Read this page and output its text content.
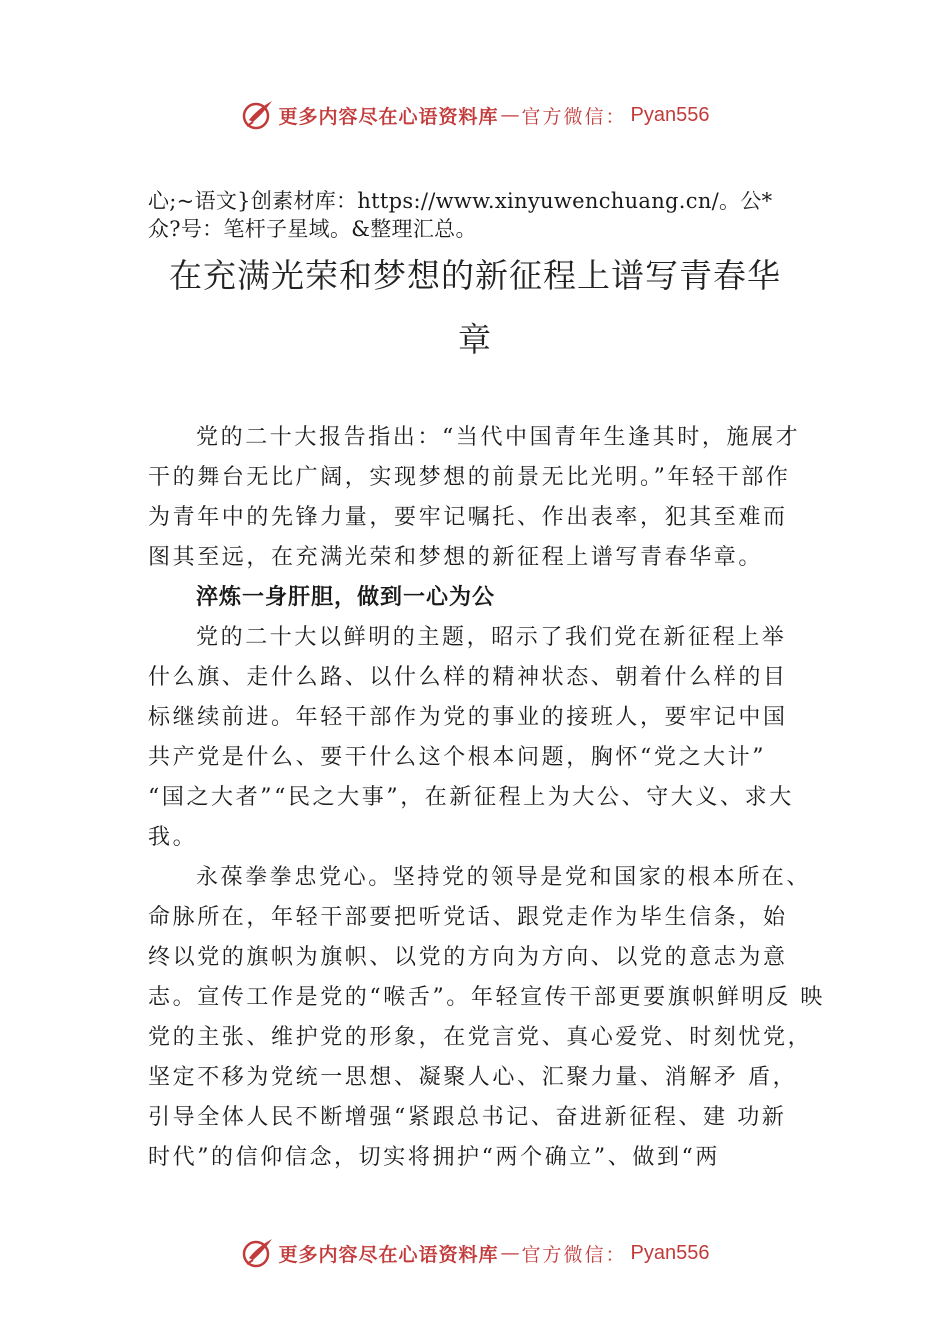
更多内容尽在心语资料库 — 官方微信： Pyan556
心;~语文}创素材库：https://www.xinyuwenchuang.cn/。公*
众?号：笔杆子星域。&整理汇总。
在充满光荣和梦想的新征程上谱写青春华
章
党的二十大报告指出：“当代中国青年生逢其时，施展才
干的舞台无比广阔，实现梦想的前景无比光明。”年轻干部作
为青年中的先锋力量，要牢记嘱托、作出表率，犯其至难而
图其至远，在充满光荣和梦想的新征程上谱写青春华章。
淬炼一身肝胆，做到一心为公
党的二十大以鲜明的主题，昭示了我们党在新征程上举
什么旗、走什么路、以什么样的精神状态、朝着什么样的目
标继续前进。年轻干部作为党的事业的接班人，要牢记中国
共产党是什么、要干什么这个根本问题，胸怀“党之大计”
“国之大者”“民之大事”，在新征程上为大公、守大义、求大
我。
永葆拳拳忠党心。坚持党的领导是党和国家的根本所在、
命脉所在，年轻干部要把听党话、跟党走作为毕生信条，始
终以党的旗帜为旗帜、以党的方向为方向、以党的意志为意
志。宣传工作是党的“喉舌”。年轻宣传干部更要旗帜鲜明反 映
党的主张、维护党的形象，在党言党、真心爱党、时刻忧党，
坚定不移为党统一思想、凝聚人心、汇聚力量、消解矛 盾，
引导全体人民不断增强“紧跟总书记、奋进新征程、建 功新
时代”的信仰信念，切实将拥护“两个确立”、做到“两
更多内容尽在心语资料库 — 官方微信： Pyan556
